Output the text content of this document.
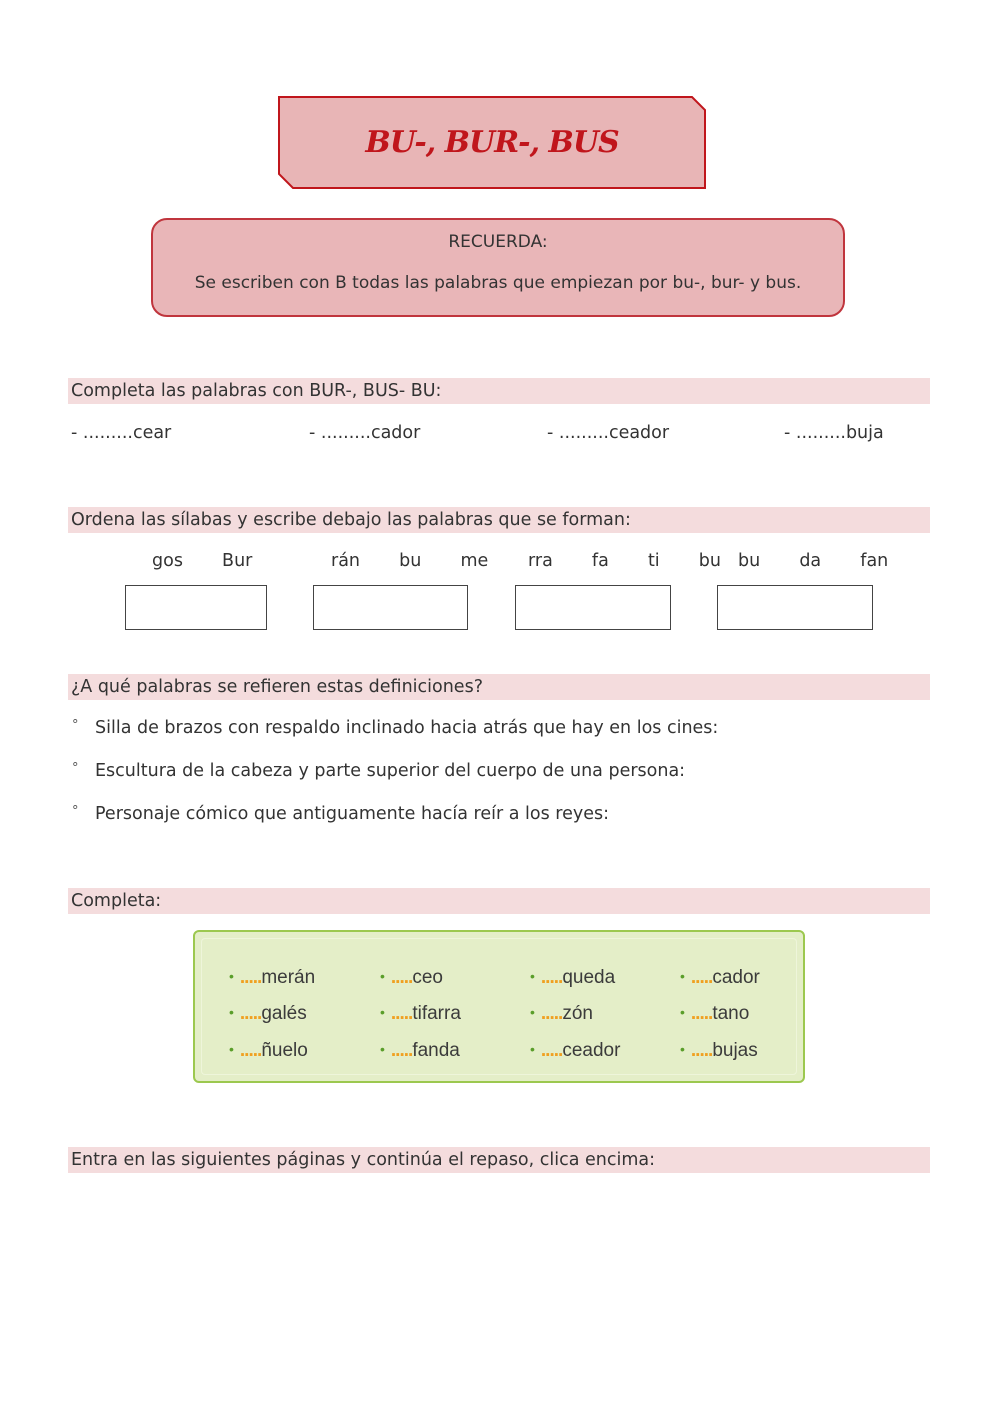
BU-, BUR-, BUS
RECUERDA:
Se escriben con B todas las palabras que empiezan por bu-, bur- y bus.
Completa las palabras con BUR-, BUS- BU:
- .........cear	- .........cador	- .........ceador	- .........buja
Ordena las sílabas y escribe debajo las palabras que se forman:
gos  Bur	rán  bu  me rra  fa  ti  bu bu  da  fan
¿A qué palabras se refieren estas definiciones?
° Silla de brazos con respaldo inclinado hacia atrás que hay en los cines:
° Escultura de la cabeza y parte superior del cuerpo de una persona:
° Personaje cómico que antiguamente hacía reír a los reyes:
Completa:
• .....merán	• .....ceo	• .....queda	• .....cador
• .....galés	• .....tifarra	• .....zón	• .....tano
• .....ñuelo	• .....fanda	• .....ceador	• .....bujas
Entra en las siguientes páginas y continúa el repaso, clica encima:
